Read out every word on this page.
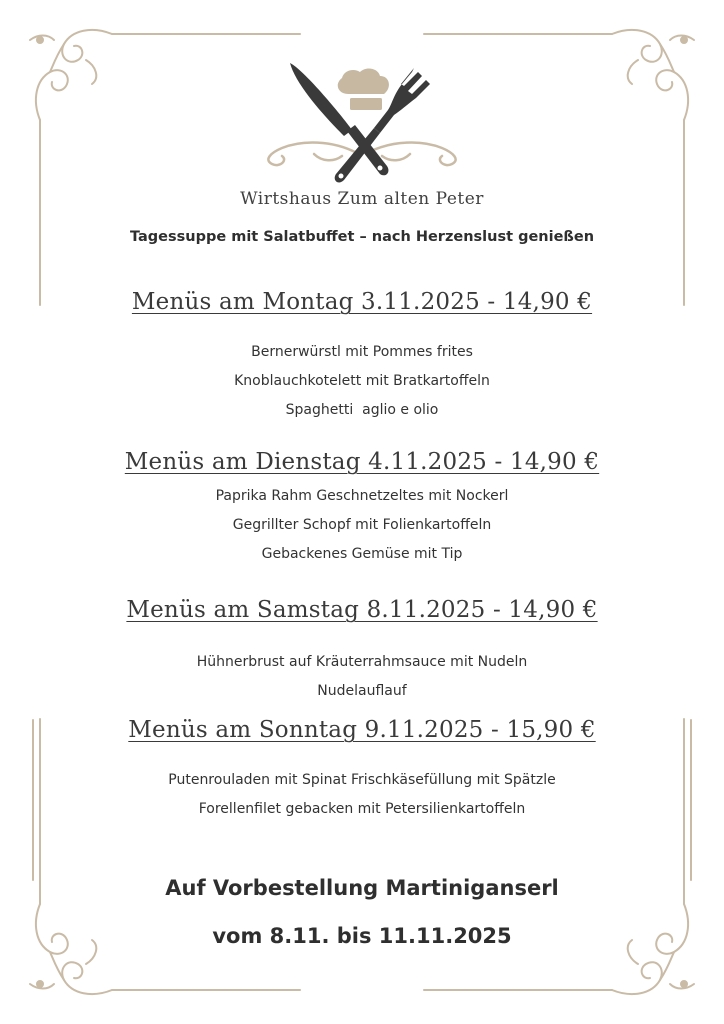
Wirtshaus Zum alten Peter
Tagessuppe mit Salatbuffet – nach Herzenslust genießen
Menüs am Montag 3.11.2025 - 14,90 €
Bernerwürstl mit Pommes frites
Knoblauchkotelett mit Bratkartoffeln
Spaghetti  aglio e olio
Menüs am Dienstag 4.11.2025 - 14,90 €
Paprika Rahm Geschnetzeltes mit Nockerl
Gegrillter Schopf mit Folienkartoffeln
Gebackenes Gemüse mit Tip
Menüs am Samstag 8.11.2025 - 14,90 €
Hühnerbrust auf Kräuterrahmsauce mit Nudeln
Nudelauflauf
Menüs am Sonntag 9.11.2025 - 15,90 €
Putenrouladen mit Spinat Frischkäsefüllung mit Spätzle
Forellenfilet gebacken mit Petersilienkartoffeln
Auf Vorbestellung Martiniganserl
vom 8.11. bis 11.11.2025
